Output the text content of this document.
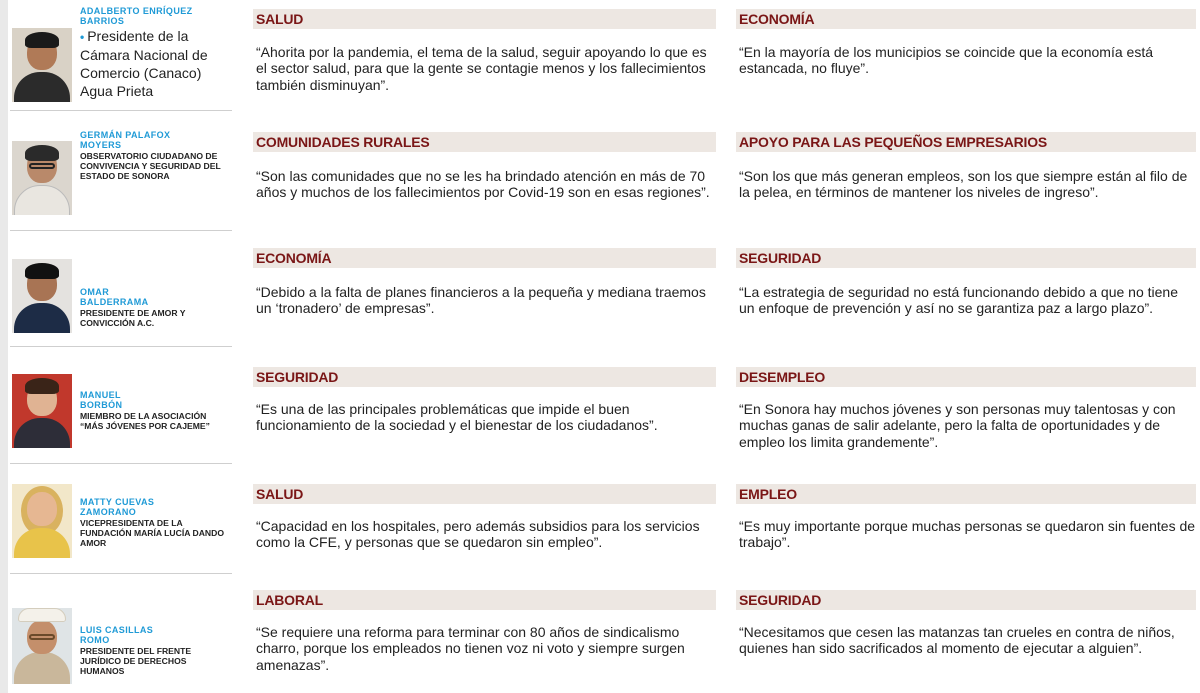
ADALBERTO ENRÍQUEZ BARRIOS
• Presidente de la Cámara Nacional de Comercio (Canaco) Agua Prieta
SALUD
“Ahorita por la pandemia, el tema de la salud, seguir apoyando lo que es el sector salud, para que la gente se contagie menos y los fallecimientos también disminuyan”.
ECONOMÍA
“En la mayoría de los municipios se coincide que la economía está estancada, no fluye”.
GERMÁN PALAFOX MOYERS
OBSERVATORIO CIUDADANO DE CONVIVENCIA Y SEGURIDAD DEL ESTADO DE SONORA
COMUNIDADES RURALES
“Son las comunidades que no se les ha brindado atención en más de 70 años y muchos de los fallecimientos por Covid-19 son en esas regiones”.
APOYO PARA LAS PEQUEÑOS EMPRESARIOS
“Son los que más generan empleos, son los que siempre están al filo de la pelea, en términos de mantener los niveles de ingreso”.
OMAR BALDERRAMA
PRESIDENTE DE AMOR Y CONVICCIÓN A.C.
ECONOMÍA
“Debido a la falta de planes financieros a la pequeña y mediana traemos un ‘tronadero’ de empresas”.
SEGURIDAD
“La estrategia de seguridad no está funcionando debido a que no tiene un enfoque de prevención y así no se garantiza paz a largo plazo”.
MANUEL BORBÓN
MIEMBRO DE LA ASOCIACIÓN “MÁS JÓVENES POR CAJEME”
SEGURIDAD
“Es una de las principales problemáticas que impide el buen funcionamiento de la sociedad y el bienestar de los ciudadanos”.
DESEMPLEO
“En Sonora hay muchos jóvenes y son personas muy talentosas y con muchas ganas de salir adelante, pero la falta de oportunidades y de empleo los limita grandemente”.
MATTY CUEVAS ZAMORANO
VICEPRESIDENTA DE LA FUNDACIÓN MARÍA LUCÍA DANDO AMOR
SALUD
“Capacidad en los hospitales, pero además subsidios para los servicios como la CFE, y personas que se quedaron sin empleo”.
EMPLEO
“Es muy importante porque muchas personas se quedaron sin fuentes de trabajo”.
LUIS CASILLAS ROMO
PRESIDENTE DEL FRENTE JURÍDICO DE DERECHOS HUMANOS
LABORAL
“Se requiere una reforma para terminar con 80 años de sindicalismo charro, porque los empleados no tienen voz ni voto y siempre surgen amenazas”.
SEGURIDAD
“Necesitamos que cesen las matanzas tan crueles en contra de niños, quienes han sido sacrificados al momento de ejecutar a alguien”.
